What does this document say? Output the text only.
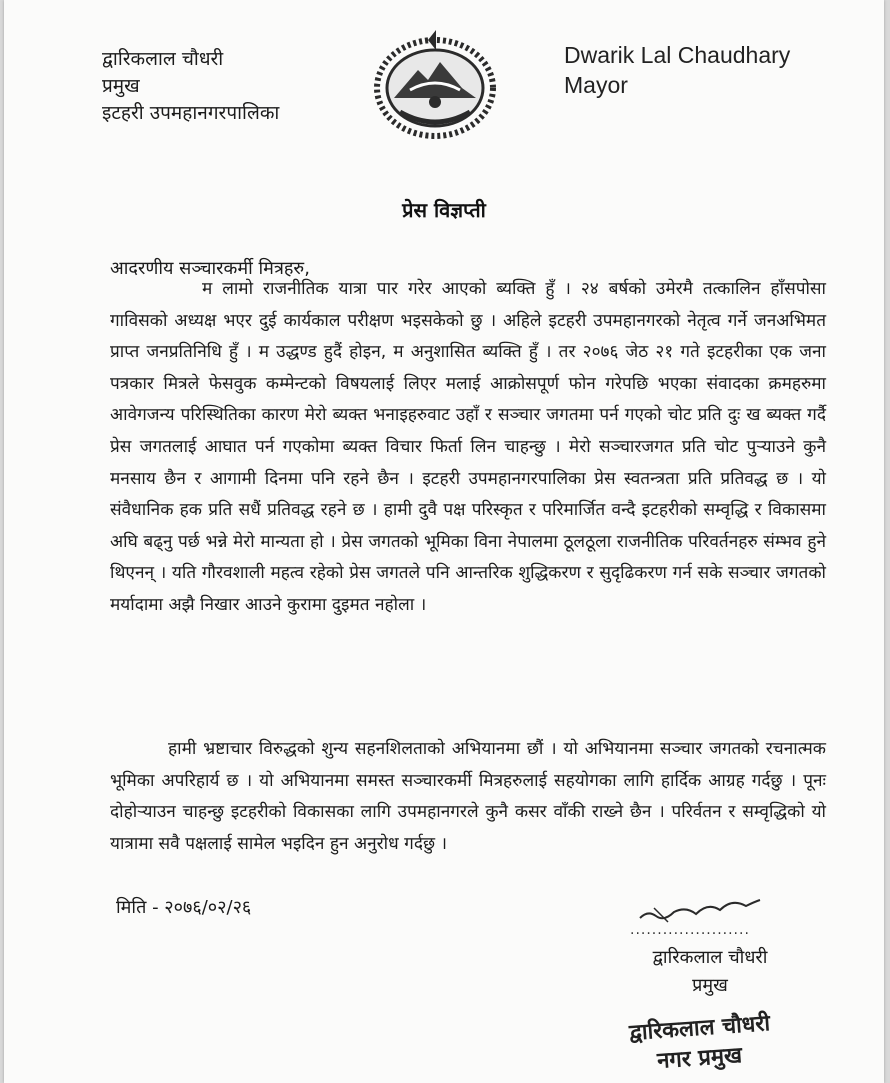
द्वारिकलाल चौधरी
प्रमुख
इटहरी उपमहानगरपालिका
Dwarik Lal Chaudhary
Mayor
प्रेस विज्ञप्ती
आदरणीय सञ्चारकर्मी मित्रहरु,
म लामो राजनीतिक यात्रा पार गरेर आएको ब्यक्ति हुँ । २४ बर्षको उमेरमै तत्कालिन हाँसपोसा गाविसको अध्यक्ष भएर दुई कार्यकाल परीक्षण भइसकेको छु । अहिले इटहरी उपमहानगरको नेतृत्व गर्ने जनअभिमत प्राप्त जनप्रतिनिधि हुँ । म उद्धण्ड हुदैं होइन, म अनुशासित ब्यक्ति हुँ । तर २०७६ जेठ २१ गते इटहरीका एक जना पत्रकार मित्रले फेसवुक कम्मेन्टको विषयलाई लिएर मलाई आक्रोसपूर्ण फोन गरेपछि भएका संवादका क्रमहरुमा आवेगजन्य परिस्थितिका कारण मेरो ब्यक्त भनाइहरुवाट उहाँ र सञ्चार जगतमा पर्न गएको चोट प्रति दुः ख ब्यक्त गर्दै प्रेस जगतलाई आघात पर्न गएकोमा ब्यक्त विचार फिर्ता लिन चाहन्छु । मेरो सञ्चारजगत प्रति चोट पुर्‍याउने कुनै मनसाय छैन र आगामी दिनमा पनि रहने छैन । इटहरी उपमहानगरपालिका प्रेस स्वतन्त्रता प्रति प्रतिवद्ध छ । यो संवैधानिक हक प्रति सधैं प्रतिवद्ध रहने छ । हामी दुवै पक्ष परिस्कृत र परिमार्जित वन्दै इटहरीको सम्वृद्धि र विकासमा अघि बढ्नु पर्छ भन्ने मेरो मान्यता हो । प्रेस जगतको भूमिका विना नेपालमा ठूलठूला राजनीतिक परिवर्तनहरु संम्भव हुने थिएनन् । यति गौरवशाली महत्व रहेको प्रेस जगतले पनि आन्तरिक शुद्धिकरण र सुदृढिकरण गर्न सके सञ्चार जगतको मर्यादामा अझै निखार आउने कुरामा दुइमत नहोला ।
हामी भ्रष्टाचार विरुद्धको शुन्य सहनशिलताको अभियानमा छौं । यो अभियानमा सञ्चार जगतको रचनात्मक भूमिका अपरिहार्य छ । यो अभियानमा समस्त सञ्चारकर्मी मित्रहरुलाई सहयोगका लागि हार्दिक आग्रह गर्दछु । पूनः दोहोर्‍याउन चाहन्छु इटहरीको विकासका लागि उपमहानगरले कुनै कसर वाँकी राख्ने छैन । परिर्वतन र सम्वृद्धिको यो यात्रामा सवै पक्षलाई सामेल भइदिन हुन अनुरोध गर्दछु ।
मिति - २०७६/०२/२६
......................
द्वारिकलाल चौधरी
प्रमुख
द्वारिकलाल चौधरी
नगर प्रमुख
